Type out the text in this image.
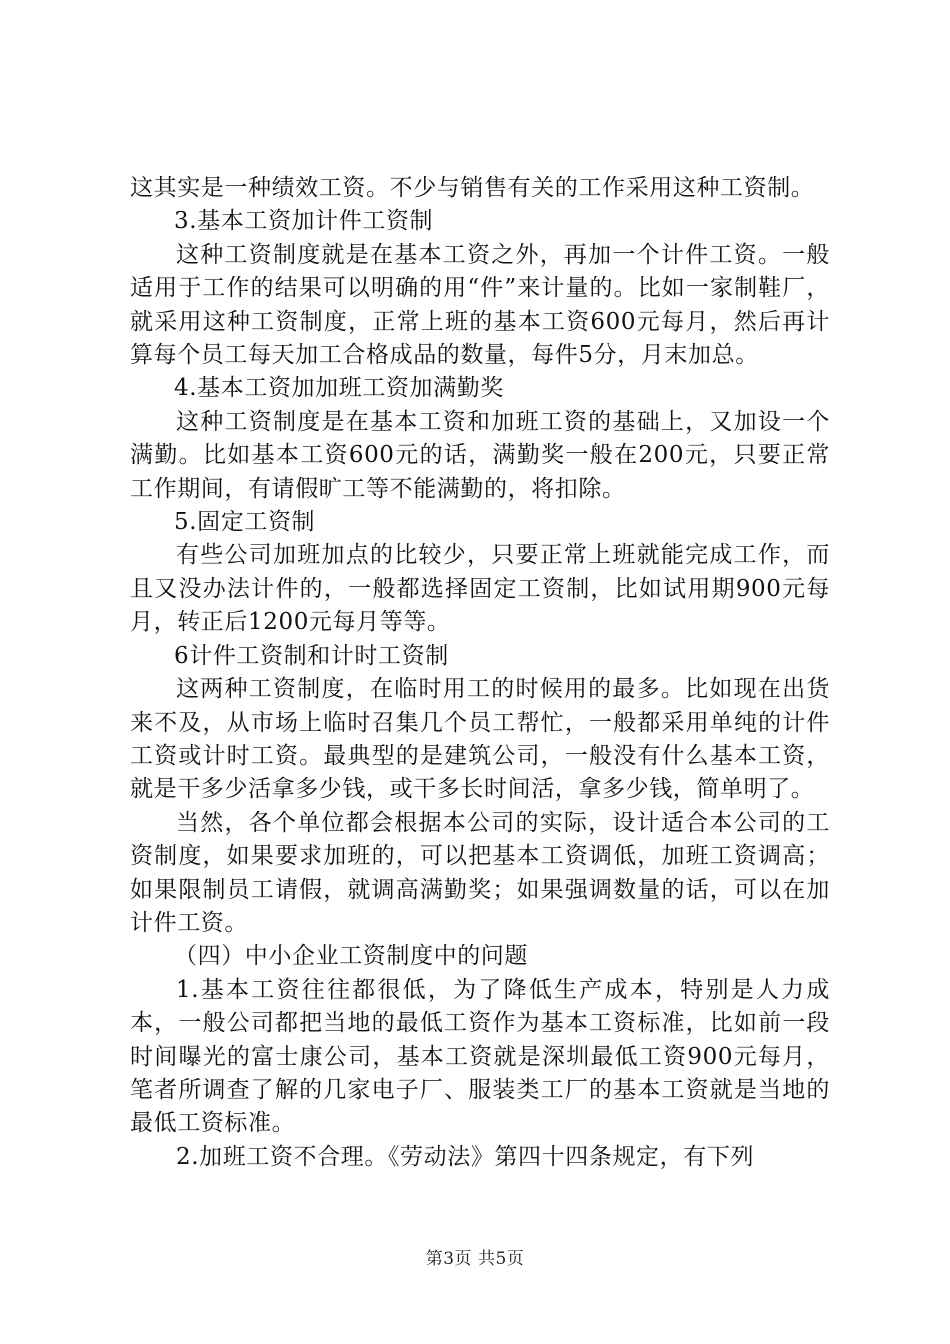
这其实是一种绩效工资。不少与销售有关的工作采用这种工资制。

3.基本工资加计件工资制

这种工资制度就是在基本工资之外，再加一个计件工资。一般适用于工作的结果可以明确的用“件”来计量的。比如一家制鞋厂，就采用这种工资制度，正常上班的基本工资600元每月，然后再计算每个员工每天加工合格成品的数量，每件5分，月末加总。

4.基本工资加加班工资加满勤奖

这种工资制度是在基本工资和加班工资的基础上，又加设一个满勤。比如基本工资600元的话，满勤奖一般在200元，只要正常工作期间，有请假旷工等不能满勤的，将扣除。

5.固定工资制

有些公司加班加点的比较少，只要正常上班就能完成工作，而且又没办法计件的，一般都选择固定工资制，比如试用期900元每月，转正后1200元每月等等。

6计件工资制和计时工资制

这两种工资制度，在临时用工的时候用的最多。比如现在出货来不及，从市场上临时召集几个员工帮忙，一般都采用单纯的计件工资或计时工资。最典型的是建筑公司，一般没有什么基本工资，就是干多少活拿多少钱，或干多长时间活，拿多少钱，简单明了。

当然，各个单位都会根据本公司的实际，设计适合本公司的工资制度，如果要求加班的，可以把基本工资调低，加班工资调高；如果限制员工请假，就调高满勤奖；如果强调数量的话，可以在加计件工资。

（四）中小企业工资制度中的问题

1.基本工资往往都很低，为了降低生产成本，特别是人力成本，一般公司都把当地的最低工资作为基本工资标准，比如前一段时间曝光的富士康公司，基本工资就是深圳最低工资900元每月，笔者所调查了解的几家电子厂、服装类工厂的基本工资就是当地的最低工资标准。

2.加班工资不合理。《劳动法》第四十四条规定，有下列

第3页 共5页
